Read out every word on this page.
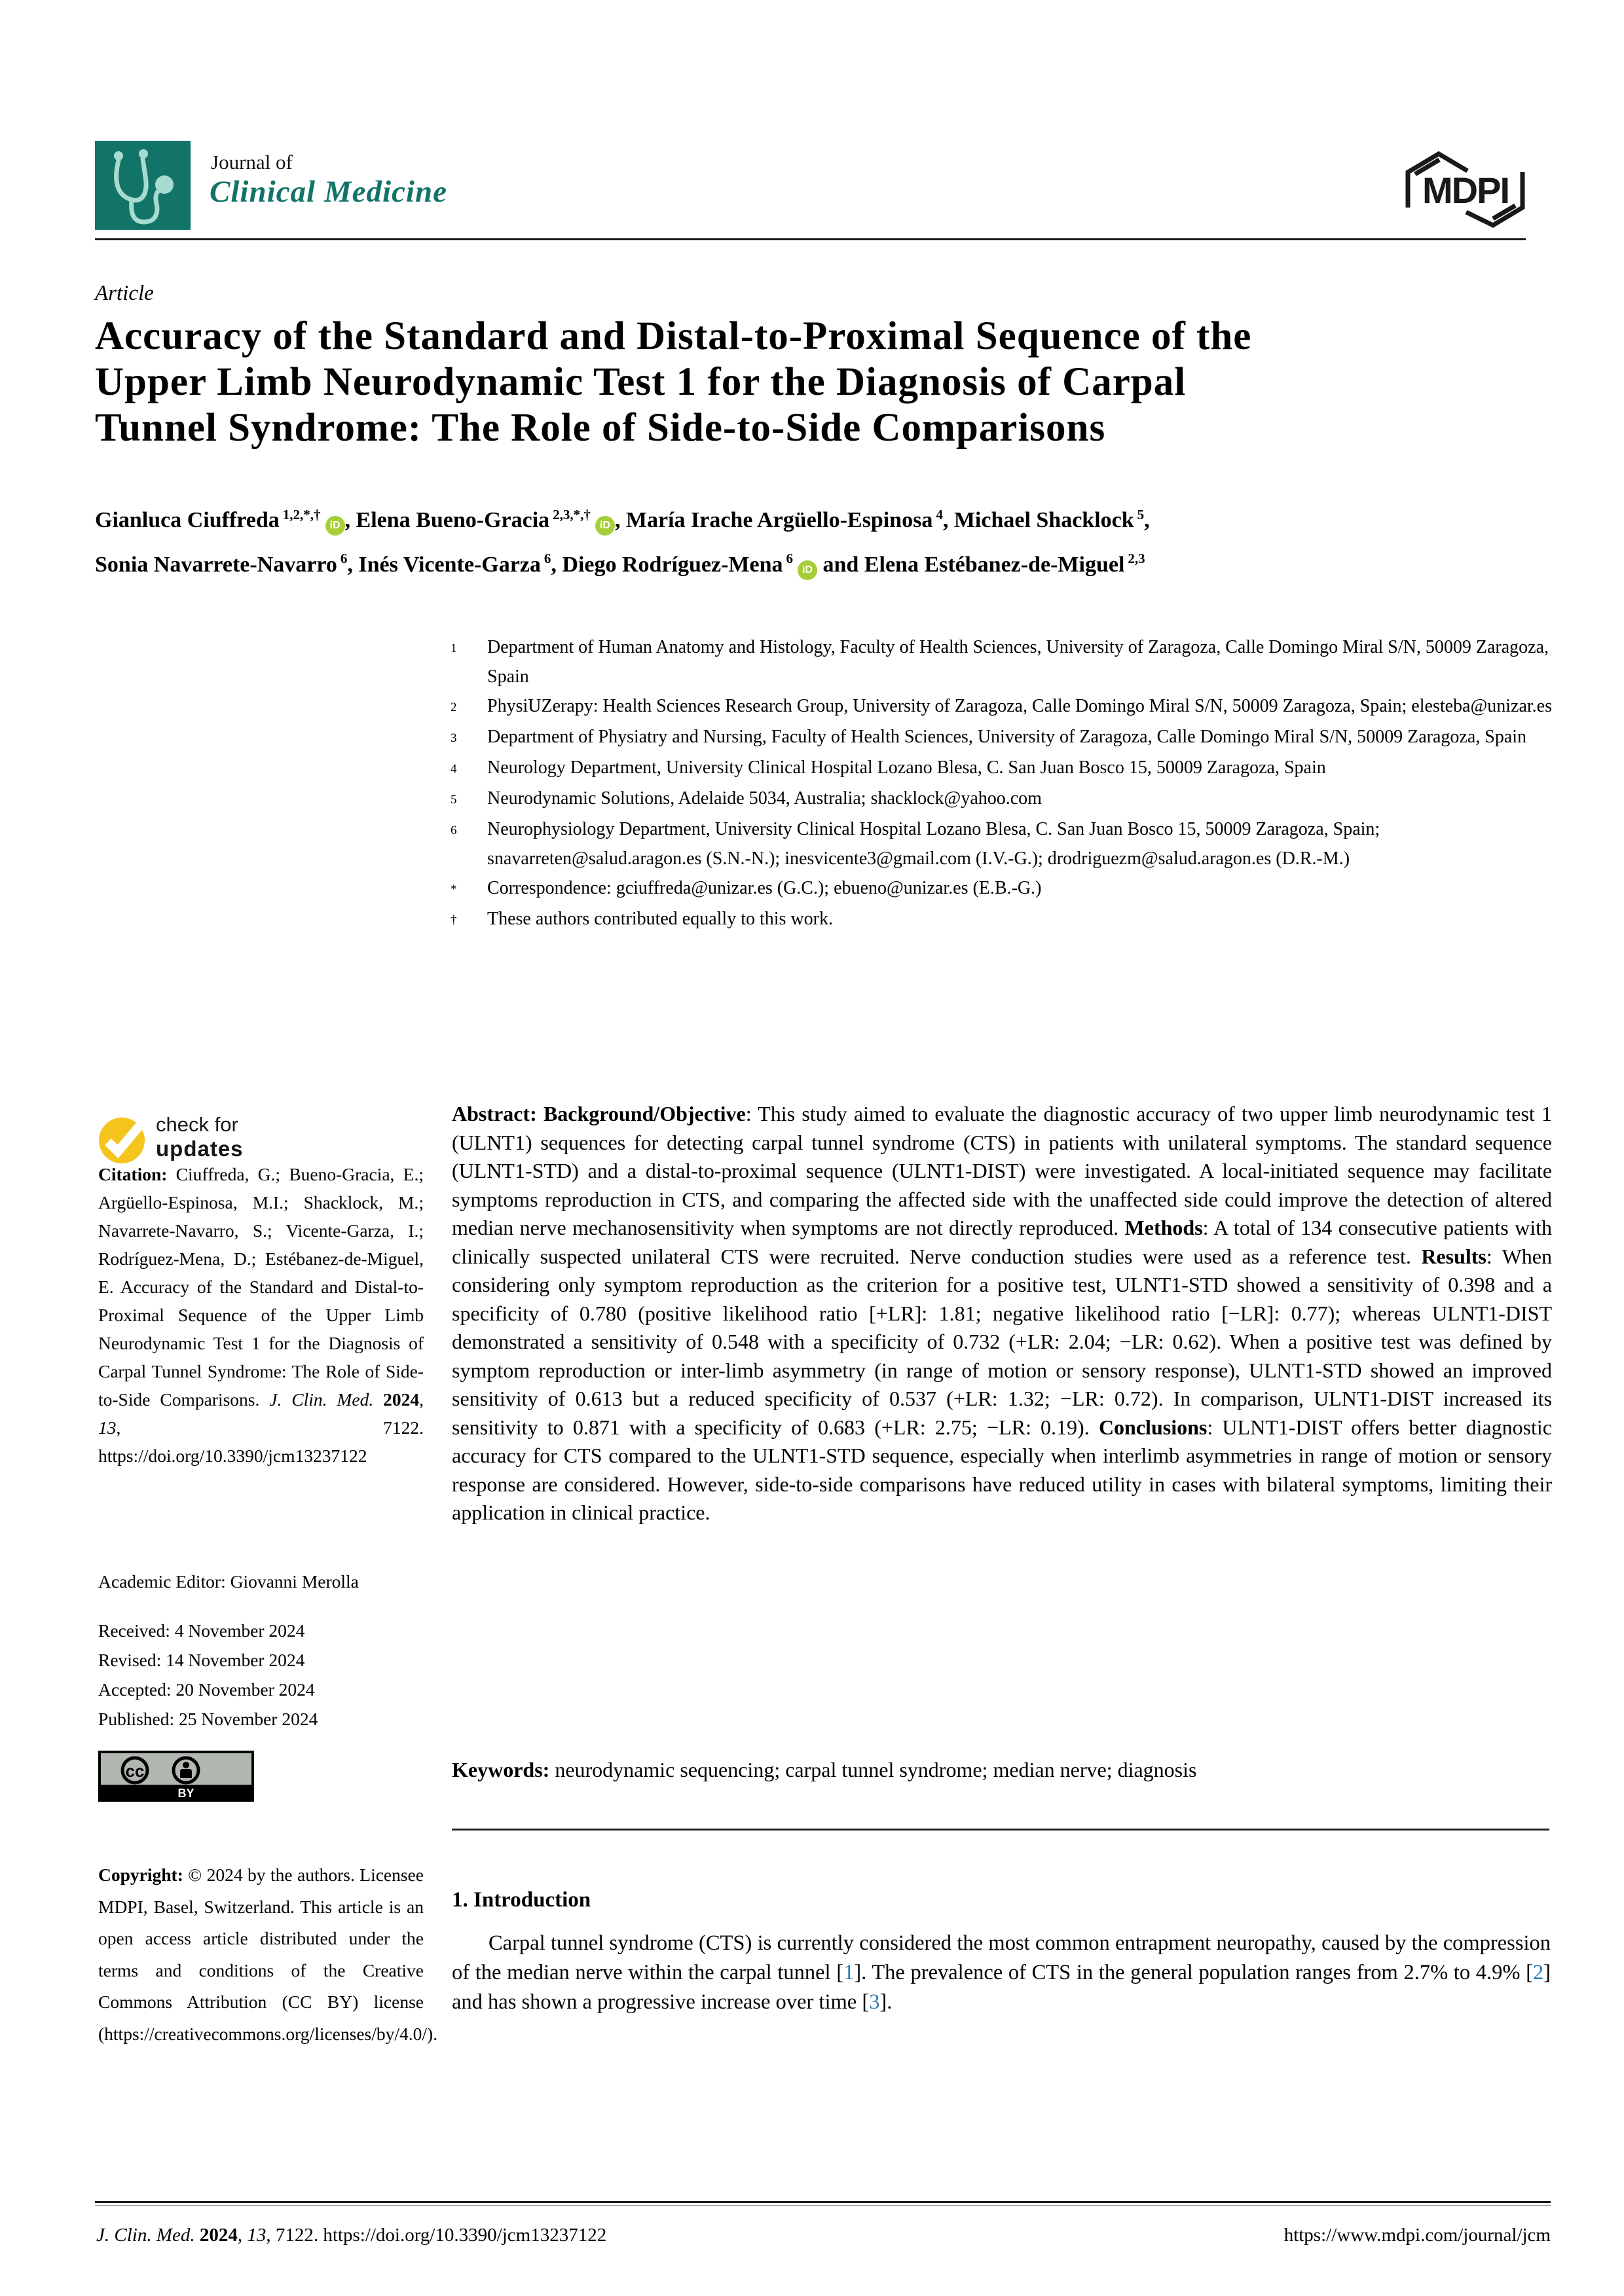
Journal of
Clinical Medicine	MDPI
Article
Accuracy of the Standard and Distal-to-Proximal Sequence of the
Upper Limb Neurodynamic Test 1 for the Diagnosis of Carpal
Tunnel Syndrome: The Role of Side-to-Side Comparisons
Gianluca Ciuffreda $^{1,2,*,\dagger}$iD , Elena Bueno-Gracia $^{2,3,*,\dagger}$iD , María Irache Argüello-Espinosa $^4$, Michael Shacklock $^5$,
Sonia Navarrete-Navarro $^6$, Inés Vicente-Garza $^6$, Diego Rodríguez-Mena $^6$iD and Elena Estébanez-de-Miguel $^{2,3}$
1	Department of Human Anatomy and Histology, Faculty of Health Sciences, University of Zaragoza, Calle Domingo Miral S/N, 50009 Zaragoza, Spain
2	PhysiUZerapy: Health Sciences Research Group, University of Zaragoza, Calle Domingo Miral S/N, 50009 Zaragoza, Spain; elesteba@unizar.es
3	Department of Physiatry and Nursing, Faculty of Health Sciences, University of Zaragoza, Calle Domingo Miral S/N, 50009 Zaragoza, Spain
4	Neurology Department, University Clinical Hospital Lozano Blesa, C. San Juan Bosco 15, 50009 Zaragoza, Spain
5	Neurodynamic Solutions, Adelaide 5034, Australia; shacklock@yahoo.com
6	Neurophysiology Department, University Clinical Hospital Lozano Blesa, C. San Juan Bosco 15, 50009 Zaragoza, Spain; snavarreten@salud.aragon.es (S.N.-N.); inesvicente3@gmail.com (I.V.-G.); drodriguezm@salud.aragon.es (D.R.-M.)
*	Correspondence: gciuffreda@unizar.es (G.C.); ebueno@unizar.es (E.B.-G.)
†	These authors contributed equally to this work.
Abstract: Background/Objective: This study aimed to evaluate the diagnostic accuracy of two upper limb neurodynamic test 1 (ULNT1) sequences for detecting carpal tunnel syndrome (CTS) in patients with unilateral symptoms. The standard sequence (ULNT1-STD) and a distal-to-proximal sequence (ULNT1-DIST) were investigated. A local-initiated sequence may facilitate symptoms reproduction in CTS, and comparing the affected side with the unaffected side could improve the detection of altered median nerve mechanosensitivity when symptoms are not directly reproduced. Methods: A total of 134 consecutive patients with clinically suspected unilateral CTS were recruited. Nerve conduction studies were used as a reference test. Results: When considering only symptom reproduction as the criterion for a positive test, ULNT1-STD showed a sensitivity of 0.398 and a specificity of 0.780 (positive likelihood ratio [+LR]: 1.81; negative likelihood ratio [−LR]: 0.77); whereas ULNT1-DIST demonstrated a sensitivity of 0.548 with a specificity of 0.732 (+LR: 2.04; −LR: 0.62). When a positive test was defined by symptom reproduction or inter-limb asymmetry (in range of motion or sensory response), ULNT1-STD showed an improved sensitivity of 0.613 but a reduced specificity of 0.537 (+LR: 1.32; −LR: 0.72). In comparison, ULNT1-DIST increased its sensitivity to 0.871 with a specificity of 0.683 (+LR: 2.75; −LR: 0.19). Conclusions: ULNT1-DIST offers better diagnostic accuracy for CTS compared to the ULNT1-STD sequence, especially when interlimb asymmetries in range of motion or sensory response are considered. However, side-to-side comparisons have reduced utility in cases with bilateral symptoms, limiting their application in clinical practice.
Keywords: neurodynamic sequencing; carpal tunnel syndrome; median nerve; diagnosis
1. Introduction
Carpal tunnel syndrome (CTS) is currently considered the most common entrapment neuropathy, caused by the compression of the median nerve within the carpal tunnel [1]. The prevalence of CTS in the general population ranges from 2.7% to 4.9% [2] and has shown a progressive increase over time [3].
check for
updates
Citation: Ciuffreda, G.; Bueno-Gracia, E.; Argüello-Espinosa, M.I.; Shacklock, M.; Navarrete-Navarro, S.; Vicente-Garza, I.; Rodríguez-Mena, D.; Estébanez-de-Miguel, E. Accuracy of the Standard and Distal-to-Proximal Sequence of the Upper Limb Neurodynamic Test 1 for the Diagnosis of Carpal Tunnel Syndrome: The Role of Side-to-Side Comparisons. J. Clin. Med. 2024, 13, 7122. https://doi.org/10.3390/jcm13237122
Academic Editor: Giovanni Merolla
Received: 4 November 2024
Revised: 14 November 2024
Accepted: 20 November 2024
Published: 25 November 2024
cc
BY
Copyright: © 2024 by the authors. Licensee MDPI, Basel, Switzerland. This article is an open access article distributed under the terms and conditions of the Creative Commons Attribution (CC BY) license (https://creativecommons.org/licenses/by/4.0/).
J. Clin. Med. 2024, 13, 7122. https://doi.org/10.3390/jcm13237122	https://www.mdpi.com/journal/jcm
